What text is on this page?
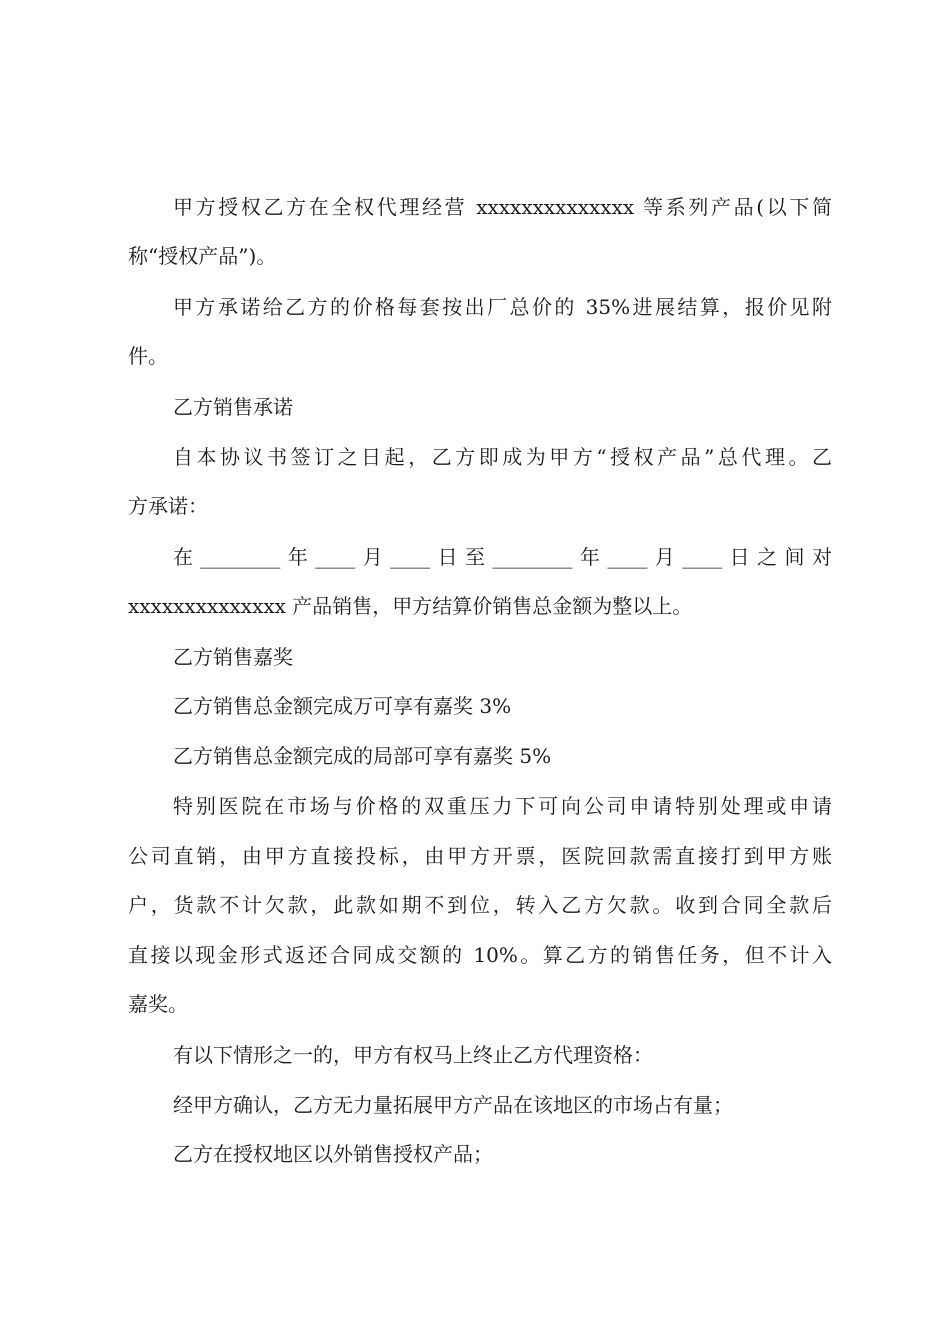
甲方授权乙方在全权代理经营 xxxxxxxxxxxxxx 等系列产品(以下简
称“授权产品”)。
甲方承诺给乙方的价格每套按出厂总价的 35%进展结算，报价见附
件。
乙方销售承诺
自本协议书签订之日起，乙方即成为甲方“授权产品”总代理。乙
方承诺：
在________年____月____日至________年____月____日之间对
xxxxxxxxxxxxxx 产品销售，甲方结算价销售总金额为整以上。
乙方销售嘉奖
乙方销售总金额完成万可享有嘉奖 3%
乙方销售总金额完成的局部可享有嘉奖 5%
特别医院在市场与价格的双重压力下可向公司申请特别处理或申请
公司直销，由甲方直接投标，由甲方开票，医院回款需直接打到甲方账
户，货款不计欠款，此款如期不到位，转入乙方欠款。收到合同全款后
直接以现金形式返还合同成交额的 10%。算乙方的销售任务，但不计入
嘉奖。
有以下情形之一的，甲方有权马上终止乙方代理资格：
经甲方确认，乙方无力量拓展甲方产品在该地区的市场占有量；
乙方在授权地区以外销售授权产品；
